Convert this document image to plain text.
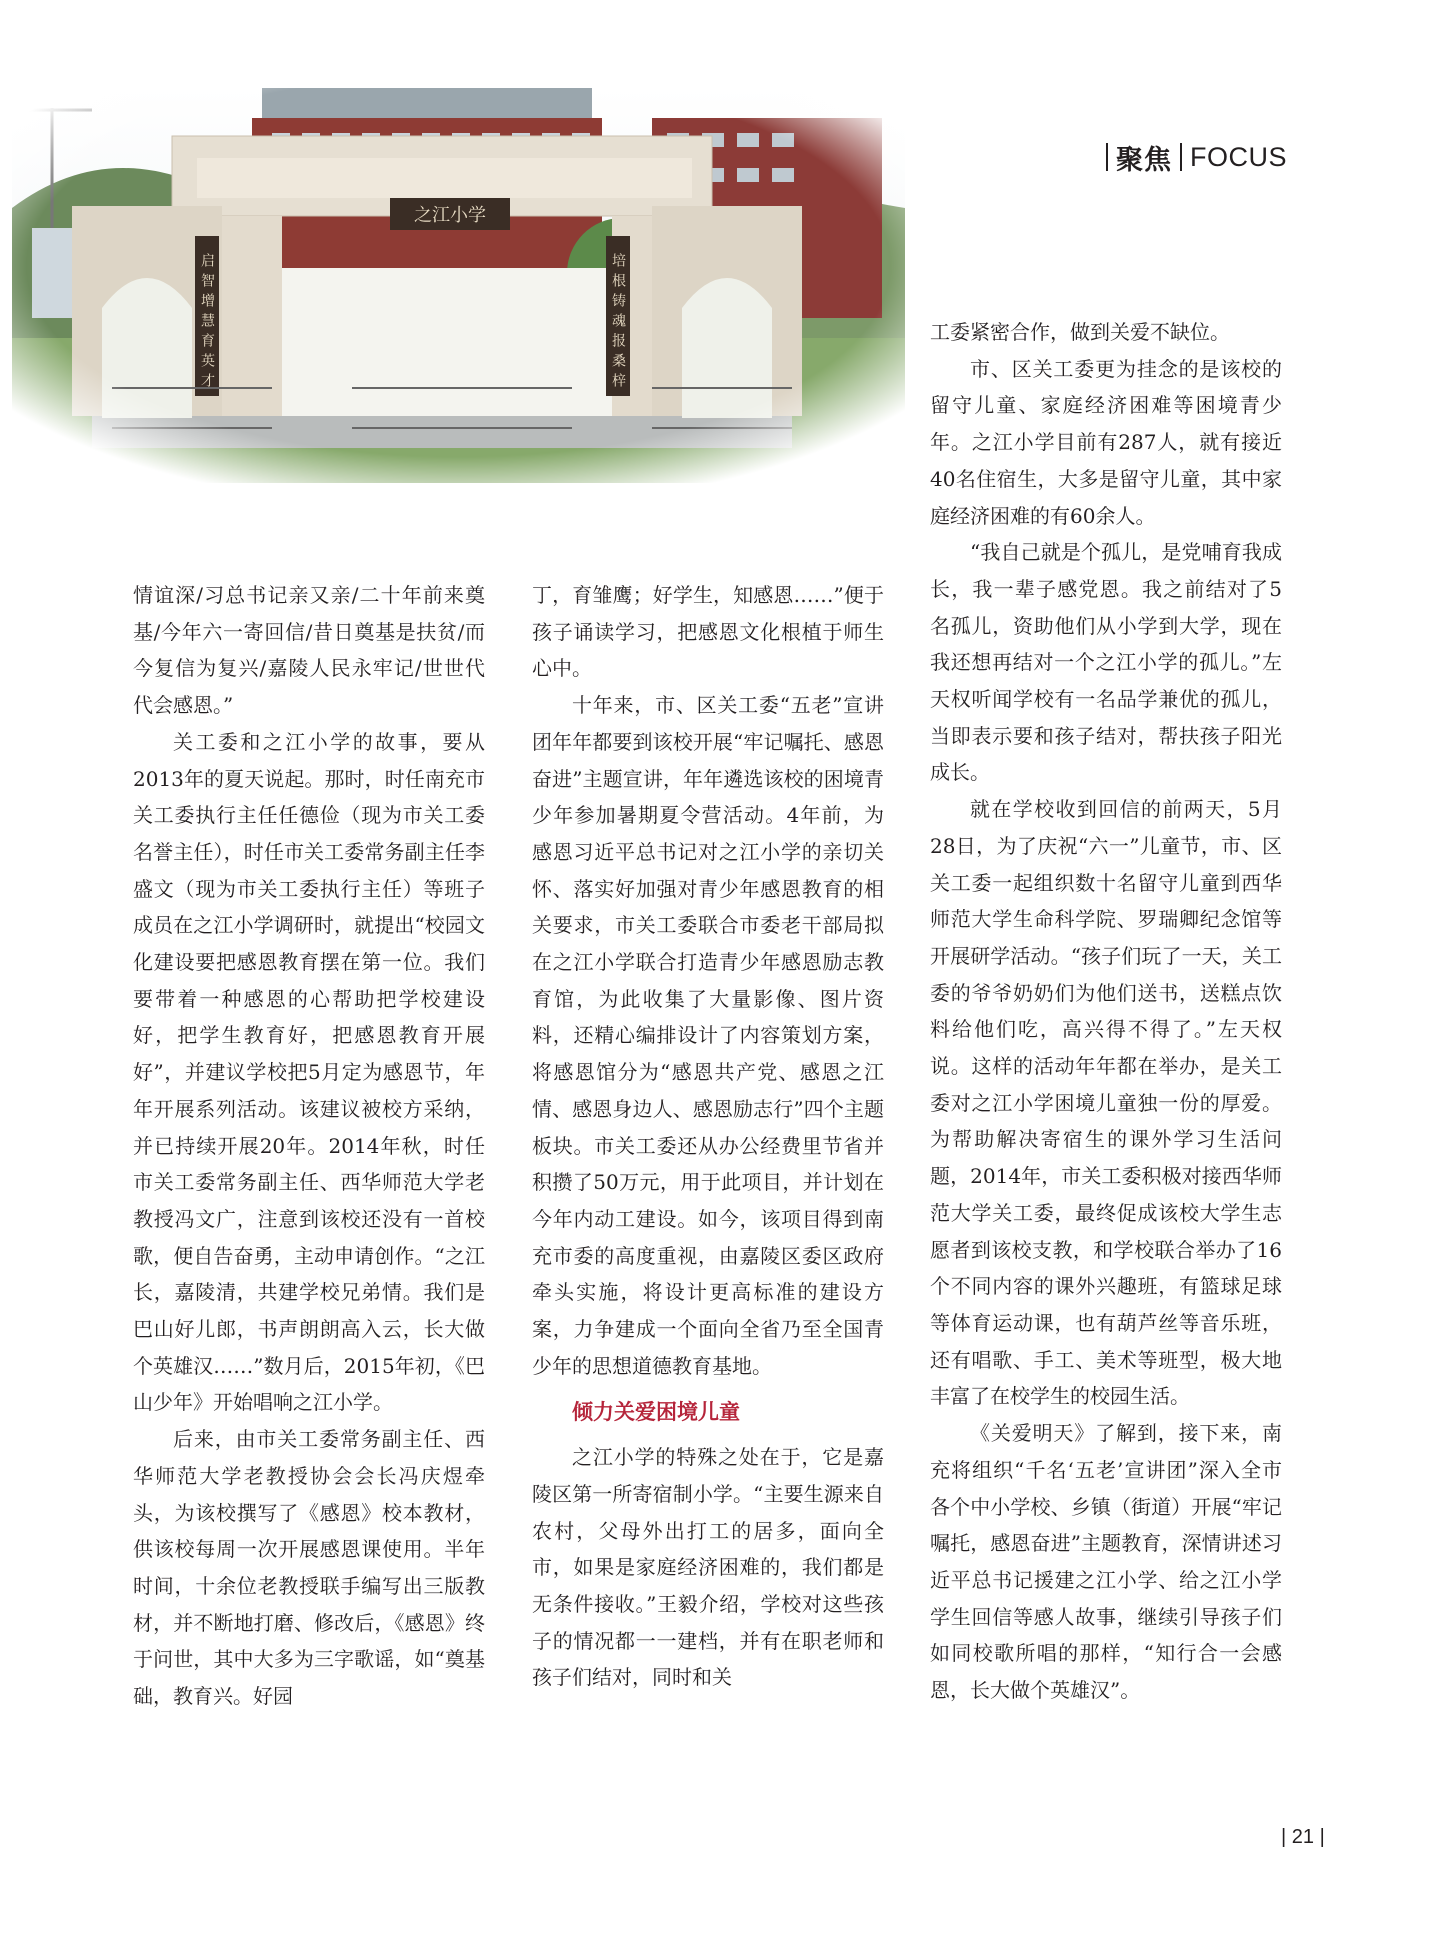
聚焦 FOCUS

情谊深/习总书记亲又亲/二十年前来奠基/今年六一寄回信/昔日奠基是扶贫/而今复信为复兴/嘉陵人民永牢记/世世代代会感恩。”

关工委和之江小学的故事，要从2013年的夏天说起。那时，时任南充市关工委执行主任任德俭（现为市关工委名誉主任），时任市关工委常务副主任李盛文（现为市关工委执行主任）等班子成员在之江小学调研时，就提出“校园文化建设要把感恩教育摆在第一位。我们要带着一种感恩的心帮助把学校建设好，把学生教育好，把感恩教育开展好”，并建议学校把5月定为感恩节，年年开展系列活动。该建议被校方采纳，并已持续开展20年。2014年秋，时任市关工委常务副主任、西华师范大学老教授冯文广，注意到该校还没有一首校歌，便自告奋勇，主动申请创作。“之江长，嘉陵清，共建学校兄弟情。我们是巴山好儿郎，书声朗朗高入云，长大做个英雄汉……”数月后，2015年初，《巴山少年》开始唱响之江小学。

后来，由市关工委常务副主任、西华师范大学老教授协会会长冯庆煜牵头，为该校撰写了《感恩》校本教材，供该校每周一次开展感恩课使用。半年时间，十余位老教授联手编写出三版教材，并不断地打磨、修改后，《感恩》终于问世，其中大多为三字歌谣，如“奠基础，教育兴。好园

丁，育雏鹰；好学生，知感恩……”便于孩子诵读学习，把感恩文化根植于师生心中。

十年来，市、区关工委“五老”宣讲团年年都要到该校开展“牢记嘱托、感恩奋进”主题宣讲，年年遴选该校的困境青少年参加暑期夏令营活动。4年前，为感恩习近平总书记对之江小学的亲切关怀、落实好加强对青少年感恩教育的相关要求，市关工委联合市委老干部局拟在之江小学联合打造青少年感恩励志教育馆，为此收集了大量影像、图片资料，还精心编排设计了内容策划方案，将感恩馆分为“感恩共产党、感恩之江情、感恩身边人、感恩励志行”四个主题板块。市关工委还从办公经费里节省并积攒了50万元，用于此项目，并计划在今年内动工建设。如今，该项目得到南充市委的高度重视，由嘉陵区委区政府牵头实施，将设计更高标准的建设方案，力争建成一个面向全省乃至全国青少年的思想道德教育基地。

倾力关爱困境儿童

之江小学的特殊之处在于，它是嘉陵区第一所寄宿制小学。“主要生源来自农村，父母外出打工的居多，面向全市，如果是家庭经济困难的，我们都是无条件接收。”王毅介绍，学校对这些孩子的情况都一一建档，并有在职老师和孩子们结对，同时和关

工委紧密合作，做到关爱不缺位。

市、区关工委更为挂念的是该校的留守儿童、家庭经济困难等困境青少年。之江小学目前有287人，就有接近40名住宿生，大多是留守儿童，其中家庭经济困难的有60余人。

“我自己就是个孤儿，是党哺育我成长，我一辈子感党恩。我之前结对了5名孤儿，资助他们从小学到大学，现在我还想再结对一个之江小学的孤儿。”左天权听闻学校有一名品学兼优的孤儿，当即表示要和孩子结对，帮扶孩子阳光成长。

就在学校收到回信的前两天，5月28日，为了庆祝“六一”儿童节，市、区关工委一起组织数十名留守儿童到西华师范大学生命科学院、罗瑞卿纪念馆等开展研学活动。“孩子们玩了一天，关工委的爷爷奶奶们为他们送书，送糕点饮料给他们吃，高兴得不得了。”左天权说。这样的活动年年都在举办，是关工委对之江小学困境儿童独一份的厚爱。为帮助解决寄宿生的课外学习生活问题，2014年，市关工委积极对接西华师范大学关工委，最终促成该校大学生志愿者到该校支教，和学校联合举办了16个不同内容的课外兴趣班，有篮球足球等体育运动课，也有葫芦丝等音乐班，还有唱歌、手工、美术等班型，极大地丰富了在校学生的校园生活。

《关爱明天》了解到，接下来，南充将组织“千名‘五老’宣讲团”深入全市各个中小学校、乡镇（街道）开展“牢记嘱托，感恩奋进”主题教育，深情讲述习近平总书记援建之江小学、给之江小学学生回信等感人故事，继续引导孩子们如同校歌所唱的那样，“知行合一会感恩，长大做个英雄汉”。

| 21 |
